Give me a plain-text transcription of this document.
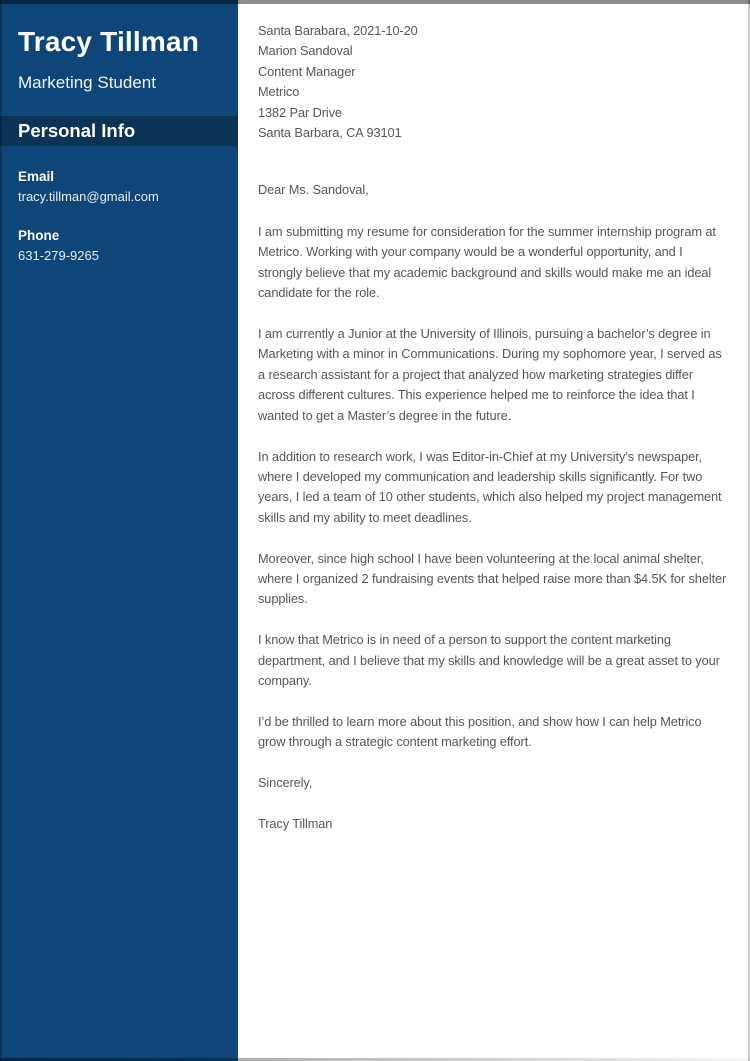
Tracy Tillman
Marketing Student
Personal Info
Email
tracy.tillman@gmail.com
Phone
631-279-9265
Santa Barabara, 2021-10-20
Marion Sandoval
Content Manager
Metrico
1382 Par Drive
Santa Barbara, CA 93101

Dear Ms. Sandoval,

I am submitting my resume for consideration for the summer internship program at Metrico. Working with your company would be a wonderful opportunity, and I strongly believe that my academic background and skills would make me an ideal candidate for the role.

I am currently a Junior at the University of Illinois, pursuing a bachelor’s degree in Marketing with a minor in Communications. During my sophomore year, I served as a research assistant for a project that analyzed how marketing strategies differ across different cultures. This experience helped me to reinforce the idea that I wanted to get a Master’s degree in the future.

In addition to research work, I was Editor-in-Chief at my University’s newspaper, where I developed my communication and leadership skills significantly. For two years, I led a team of 10 other students, which also helped my project management skills and my ability to meet deadlines.

Moreover, since high school I have been volunteering at the local animal shelter, where I organized 2 fundraising events that helped raise more than $4.5K for shelter supplies.

I know that Metrico is in need of a person to support the content marketing department, and I believe that my skills and knowledge will be a great asset to your company.

I’d be thrilled to learn more about this position, and show how I can help Metrico grow through a strategic content marketing effort.

Sincerely,

Tracy Tillman
